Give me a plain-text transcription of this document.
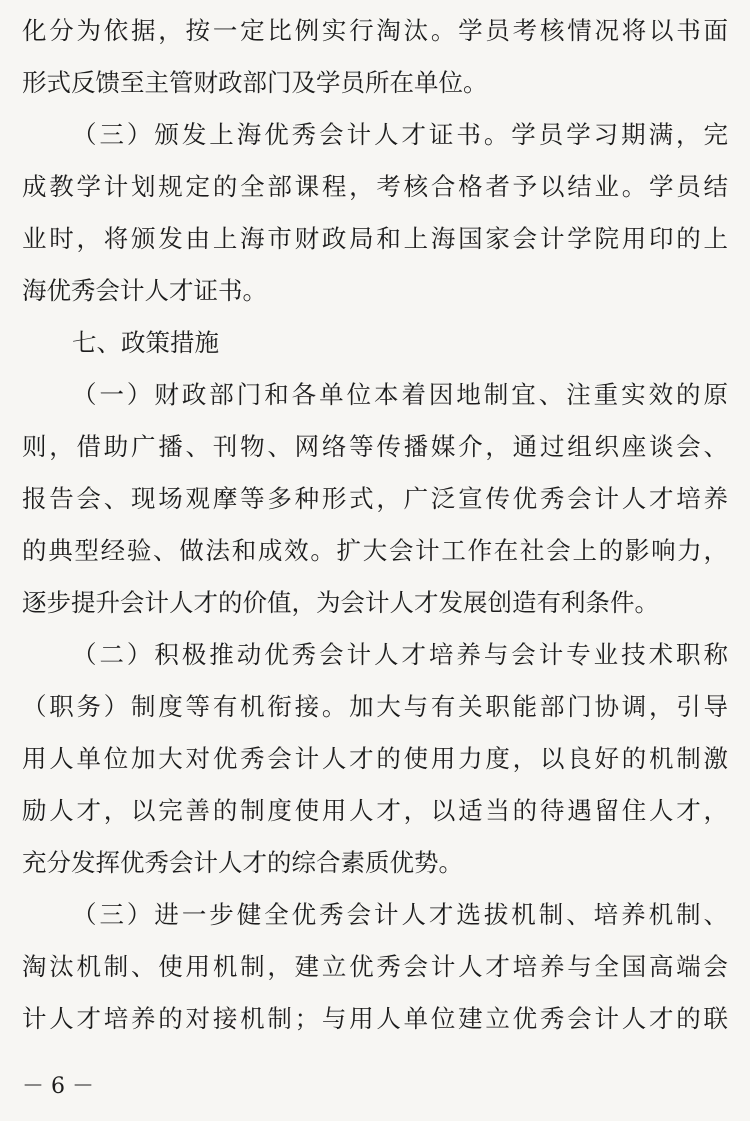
化分为依据，按一定比例实行淘汰。学员考核情况将以书面
形式反馈至主管财政部门及学员所在单位。
（三）颁发上海优秀会计人才证书。学员学习期满，完
成教学计划规定的全部课程，考核合格者予以结业。学员结
业时，将颁发由上海市财政局和上海国家会计学院用印的上
海优秀会计人才证书。
七、政策措施
（一）财政部门和各单位本着因地制宜、注重实效的原
则，借助广播、刊物、网络等传播媒介，通过组织座谈会、
报告会、现场观摩等多种形式，广泛宣传优秀会计人才培养
的典型经验、做法和成效。扩大会计工作在社会上的影响力，
逐步提升会计人才的价值，为会计人才发展创造有利条件。
（二）积极推动优秀会计人才培养与会计专业技术职称
（职务）制度等有机衔接。加大与有关职能部门协调，引导
用人单位加大对优秀会计人才的使用力度，以良好的机制激
励人才，以完善的制度使用人才，以适当的待遇留住人才，
充分发挥优秀会计人才的综合素质优势。
（三）进一步健全优秀会计人才选拔机制、培养机制、
淘汰机制、使用机制，建立优秀会计人才培养与全国高端会
计人才培养的对接机制；与用人单位建立优秀会计人才的联
－ 6 －
